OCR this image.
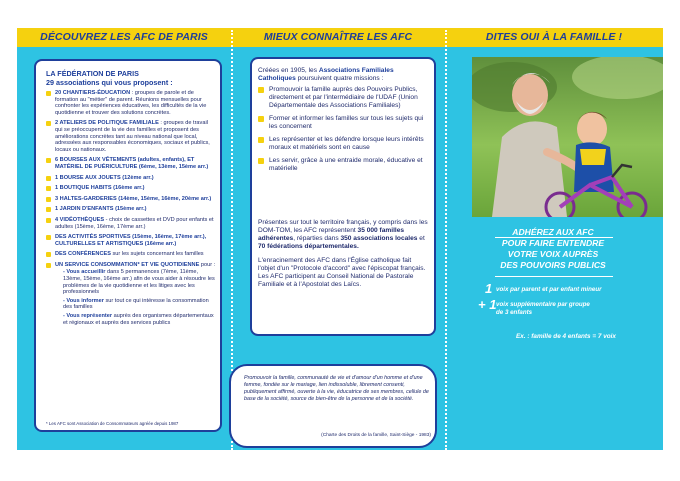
DÉCOUVREZ LES AFC DE PARIS	MIEUX CONNAÎTRE LES AFC	DITES OUI À LA FAMILLE !
LA FÉDÉRATION DE PARIS
29 associations qui vous proposent :
20 CHANTIERS-ÉDUCATION : groupes de parole et de formation au "métier" de parent. Réunions mensuelles pour confronter les expériences éducatives, les difficultés de la vie quotidienne et trouver des solutions concrètes.
2 ATELIERS DE POLITIQUE FAMILIALE : groupes de travail qui se préoccupent de la vie des familles et proposent des améliorations concrètes tant au niveau national que local, adressées aux responsables économiques, sociaux et publics, locaux ou nationaux.
6 BOURSES AUX VÊTEMENTS (adultes, enfants), ET MATÉRIEL DE PUÉRICULTURE (6ème, 13ème, 15ème arr.)
1 BOURSE AUX JOUETS (12ème arr.)
1 BOUTIQUE HABITS (16ème arr.)
3 HALTES-GARDERIES (14ème, 15ème, 16ème, 20ème arr.)
1 JARDIN D'ENFANTS (15ème arr.)
4 VIDÉOTHÈQUES - choix de cassettes et DVD pour enfants et adultes (15ème, 16ème, 17ème arr.)
DES ACTIVITÉS SPORTIVES (15ème, 16ème, 17ème arr.), CULTURELLES ET ARTISTIQUES (16ème arr.)
DES CONFÉRENCES sur les sujets concernant les familles
UN SERVICE CONSOMMATION* ET VIE QUOTIDIENNE pour :
- Vous accueillir dans 5 permanences (7ème, 11ème, 13ème, 15ème, 16ème arr.) afin de vous aider à résoudre les problèmes de la vie quotidienne et les litiges avec les professionnels
- Vous informer sur tout ce qui intéresse la consommation des familles
- Vous représenter auprès des organismes départementaux et régionaux et auprès des services publics
* Les AFC sont Association de Consommateurs agréée depuis 1987

Créées en 1905, les Associations Familiales Catholiques poursuivent quatre missions :

Promouvoir la famille auprès des Pouvoirs Publics, directement et par l'intermédiaire de l'UDAF (Union Départementale des Associations Familiales)
Former et informer les familles sur tous les sujets qui les concernent
Les représenter et les défendre lorsque leurs intérêts moraux et matériels sont en cause
Les servir, grâce à une entraide morale, éducative et matérielle

Présentes sur tout le territoire français, y compris dans les DOM-TOM, les AFC représentent 35 000 familles adhérentes, réparties dans 350 associations locales et 70 fédérations départementales.

L'enracinement des AFC dans l'Église catholique fait l'objet d'un "Protocole d'accord" avec l'épiscopat français. Les AFC participent au Conseil National de Pastorale Familiale et à l'Apostolat des Laïcs.

Promouvoir la famille, communauté de vie et d'amour d'un homme et d'une femme, fondée sur le mariage, lien indissoluble, librement consenti, publiquement affirmé, ouverte à la vie, éducatrice de ses membres, cellule de base de la société, source de bien-être de la personne et de la société.
(Charte des Droits de la famille, Saint-Siège - 1983)
ADHÉREZ AUX AFC
POUR FAIRE ENTENDRE
VOTRE VOIX AUPRÈS
DES POUVOIRS PUBLICS
1 voix par parent et par enfant mineur
+ 1 voix supplémentaire par groupe
de 3 enfants
Ex. : famille de 4 enfants = 7 voix
